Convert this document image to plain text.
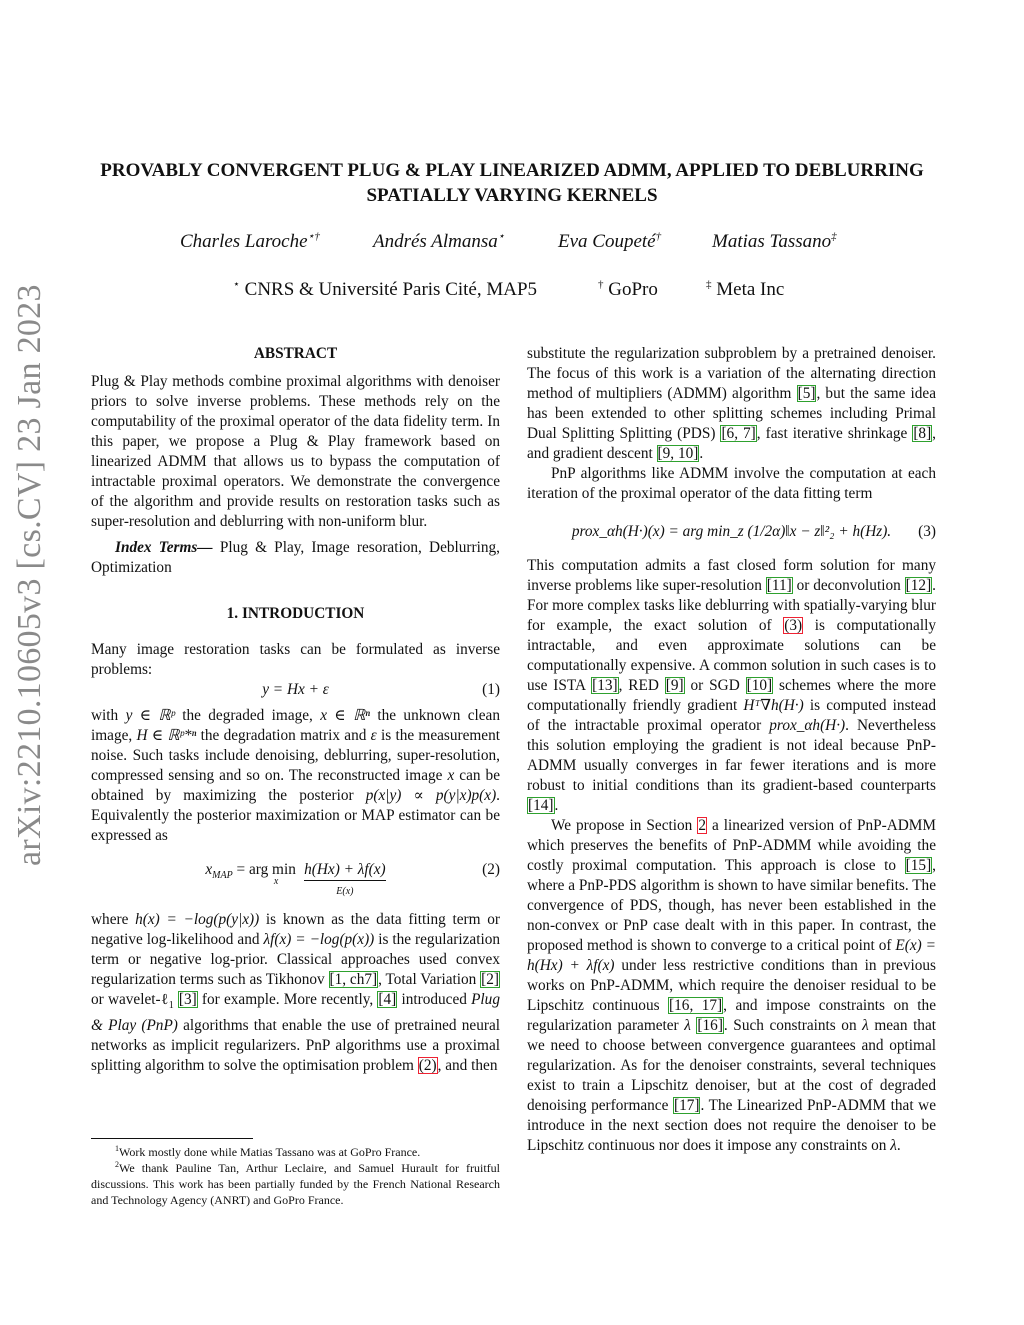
arXiv:2210.10605v3 [cs.CV] 23 Jan 2023
PROVABLY CONVERGENT PLUG & PLAY LINEARIZED ADMM, APPLIED TO DEBLURRING SPATIALLY VARYING KERNELS
Charles Laroche⋆†	Andrés Almansa⋆	Eva Coupeté†	Matias Tassano‡
⋆ CNRS & Université Paris Cité, MAP5	† GoPro	‡ Meta Inc

ABSTRACT

Plug & Play methods combine proximal algorithms with denoiser priors to solve inverse problems. These methods rely on the computability of the proximal operator of the data fidelity term. In this paper, we propose a Plug & Play framework based on linearized ADMM that allows us to bypass the computation of intractable proximal operators. We demonstrate the convergence of the algorithm and provide results on restoration tasks such as super-resolution and deblurring with non-uniform blur.

Index Terms— Plug & Play, Image resoration, Deblurring, Optimization

1. INTRODUCTION

Many image restoration tasks can be formulated as inverse problems:

y = Hx + ε	(1)

with y ∈ ℝᵖ the degraded image, x ∈ ℝⁿ the unknown clean image, H ∈ ℝᵖ*ⁿ the degradation matrix and ε is the measurement noise. Such tasks include denoising, deblurring, super-resolution, compressed sensing and so on. The reconstructed image x can be obtained by maximizing the posterior p(x|y) ∝ p(y|x)p(x). Equivalently the posterior maximization or MAP estimator can be expressed as

$x_{MAP}$ = arg $\min_x h(Hx) + \lambda f(x)$
E(x)
(2)

where h(x) = −log(p(y|x)) is known as the data fitting term or negative log-likelihood and λf(x) = −log(p(x)) is the regularization term or negative log-prior. Classical approaches used convex regularization terms such as Tikhonov [1, ch7], Total Variation [2] or wavelet-ℓ$_1$ [3] for example. More recently, [4] introduced Plug & Play (PnP) algorithms that enable the use of pretrained neural networks as implicit regularizers. PnP algorithms use a proximal splitting algorithm to solve the optimisation problem (2), and then

$^1$Work mostly done while Matias Tassano was at GoPro France.

$^2$We thank Pauline Tan, Arthur Leclaire, and Samuel Hurault for fruitful discussions. This work has been partially funded by the French National Research and Technology Agency (ANRT) and GoPro France.

substitute the regularization subproblem by a pretrained denoiser. The focus of this work is a variation of the alternating direction method of multipliers (ADMM) algorithm [5], but the same idea has been extended to other splitting schemes including Primal Dual Splitting Splitting (PDS) [6, 7], fast iterative shrinkage [8], and gradient descent [9, 10].

PnP algorithms like ADMM involve the computation at each iteration of the proximal operator of the data fitting term

prox_αh(H·)(x) = arg min_z (1/2α)‖x − z‖²₂ + h(Hz). (3)

This computation admits a fast closed form solution for many inverse problems like super-resolution [11] or deconvolution [12]. For more complex tasks like deblurring with spatially-varying blur for example, the exact solution of (3) is computationally intractable, and even approximate solutions can be computationally expensive. A common solution in such cases is to use ISTA [13], RED [9] or SGD [10] schemes where the more computationally friendly gradient Hᵀ∇h(H·) is computed instead of the intractable proximal operator prox_αh(H·). Nevertheless this solution employing the gradient is not ideal because PnP-ADMM usually converges in far fewer iterations and is more robust to initial conditions than its gradient-based counterparts [14].

We propose in Section 2 a linearized version of PnP-ADMM which preserves the benefits of PnP-ADMM while avoiding the costly proximal computation. This approach is close to [15], where a PnP-PDS algorithm is shown to have similar benefits. The convergence of PDS, though, has never been established in the non-convex or PnP case dealt with in this paper. In contrast, the proposed method is shown to converge to a critical point of E(x) = h(Hx) + λf(x) under less restrictive conditions than in previous works on PnP-ADMM, which require the denoiser residual to be Lipschitz continuous [16, 17], and impose constraints on the regularization parameter λ [16]. Such constraints on λ mean that we need to choose between convergence guarantees and optimal regularization. As for the denoiser constraints, several techniques exist to train a Lipschitz denoiser, but at the cost of degraded denoising performance [17]. The Linearized PnP-ADMM that we introduce in the next section does not require the denoiser to be Lipschitz continuous nor does it impose any constraints on λ.
